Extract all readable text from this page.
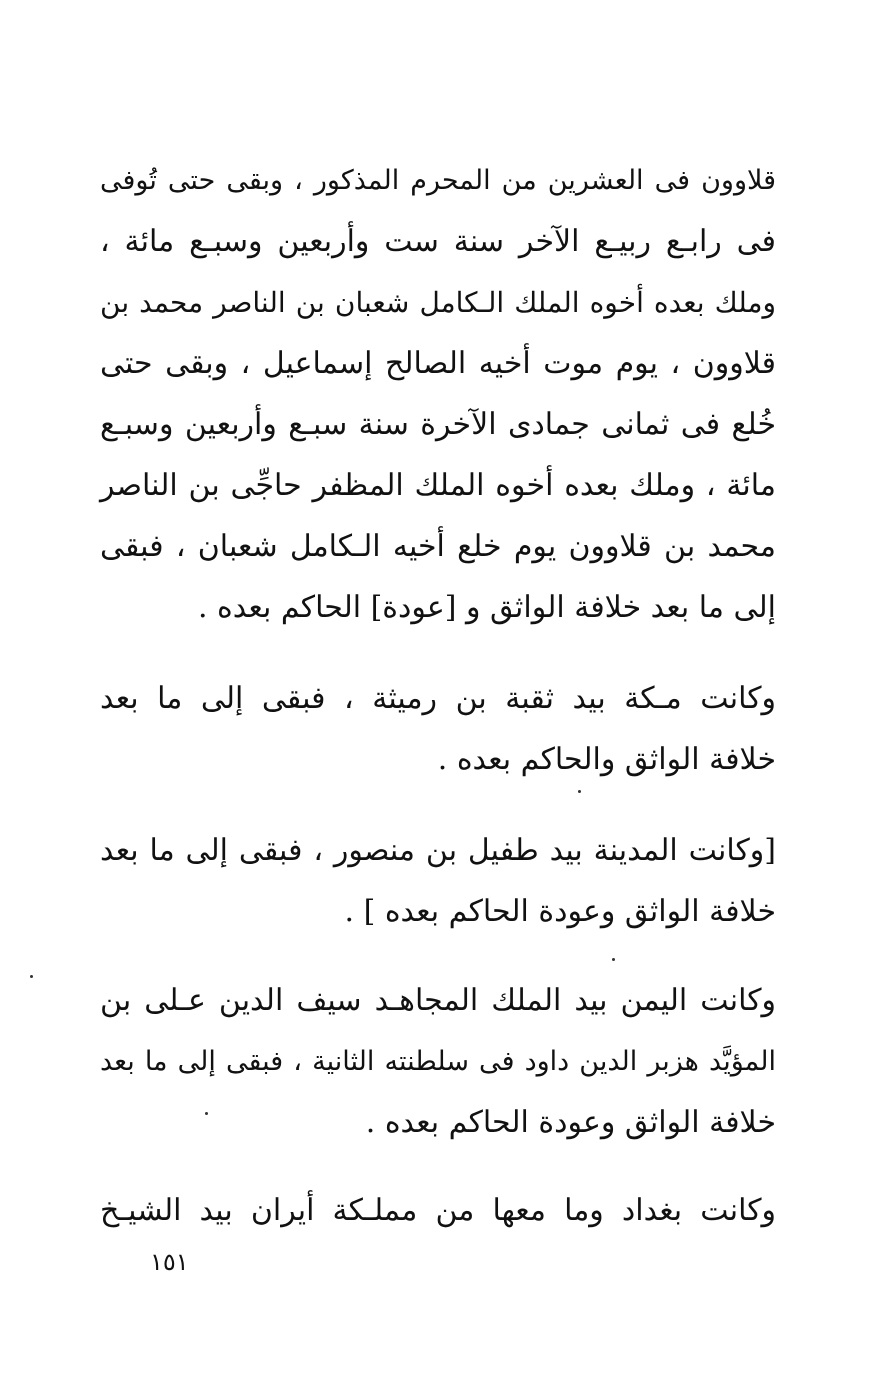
قلاوون فى العشرين من المحرم المذكور ، وبقى حتى تُوفى
فى رابـع ربيـع الآخر سنة ست وأربعين وسبـع مائة ،
وملك بعده أخوه الملك الـكامل شعبان بن الناصر محمد بن
قلاوون ، يوم موت أخيه الصالح إسماعيل ، وبقى حتى
خُلع فى ثمانى جمادى الآخرة سنة سبـع وأربعين وسبـع
مائة ، وملك بعده أخوه الملك المظفر حاجِّى بن الناصر
محمد بن قلاوون يوم خلع أخيه الـكامل شعبان ، فبقى
إلى ما بعد خلافة الواثق و [عودة] الحاكم بعده .
وكانت مـكة بيد ثقبة بن رميثة ، فبقى إلى ما بعد
خلافة الواثق والحاكم بعده .
[وكانت المدينة بيد طفيل بن منصور ، فبقى إلى ما بعد
خلافة الواثق وعودة الحاكم بعده ] .
وكانت اليمن بيد الملك المجاهـد سيف الدين عـلى بن
المؤيَّد هزبر الدين داود فى سلطنته الثانية ، فبقى إلى ما بعد
خلافة الواثق وعودة الحاكم بعده .
وكانت بغداد وما معها من مملـكة أيران بيد الشيـخ
١٥١
